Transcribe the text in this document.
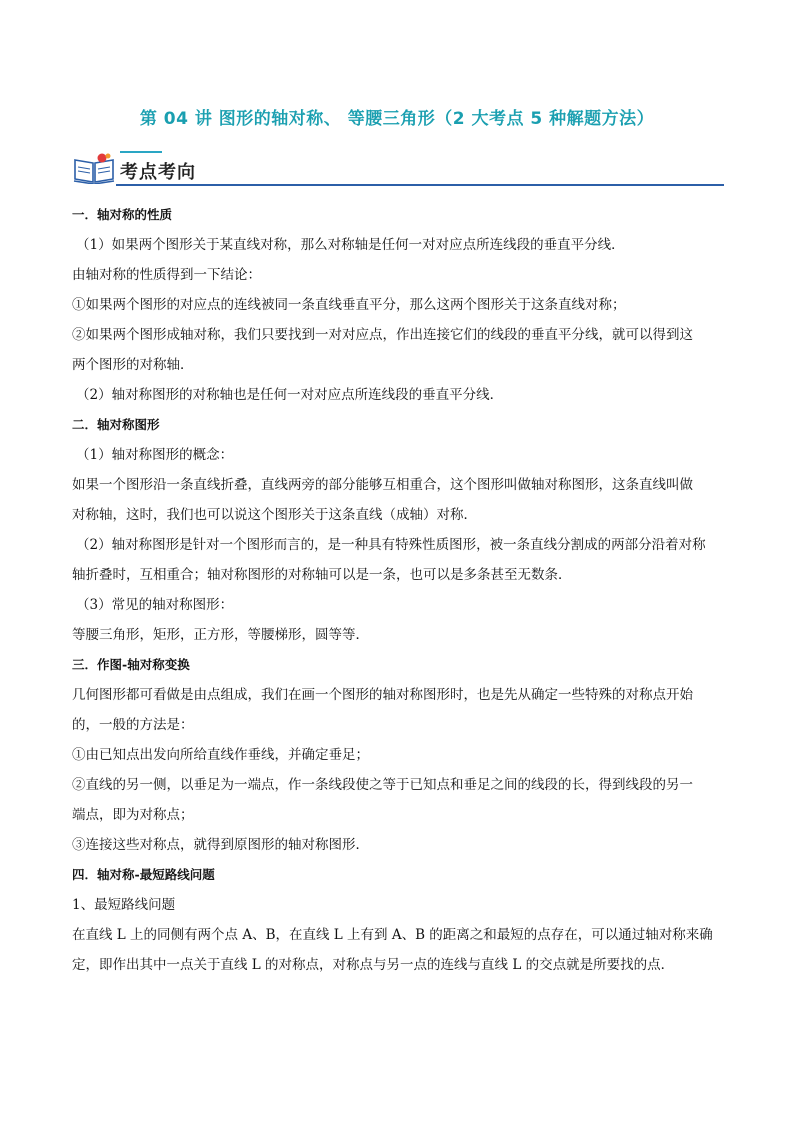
第 04 讲 图形的轴对称、 等腰三角形（2 大考点 5 种解题方法）
考点考向

一．轴对称的性质

（1）如果两个图形关于某直线对称，那么对称轴是任何一对对应点所连线段的垂直平分线．

由轴对称的性质得到一下结论：

①如果两个图形的对应点的连线被同一条直线垂直平分，那么这两个图形关于这条直线对称；

②如果两个图形成轴对称，我们只要找到一对对应点，作出连接它们的线段的垂直平分线，就可以得到这

两个图形的对称轴．

（2）轴对称图形的对称轴也是任何一对对应点所连线段的垂直平分线．

二．轴对称图形

（1）轴对称图形的概念：

如果一个图形沿一条直线折叠，直线两旁的部分能够互相重合，这个图形叫做轴对称图形，这条直线叫做

对称轴，这时，我们也可以说这个图形关于这条直线（成轴）对称．

（2）轴对称图形是针对一个图形而言的，是一种具有特殊性质图形，被一条直线分割成的两部分沿着对称

轴折叠时，互相重合；轴对称图形的对称轴可以是一条，也可以是多条甚至无数条．

（3）常见的轴对称图形：

等腰三角形，矩形，正方形，等腰梯形，圆等等．

三．作图-轴对称变换

几何图形都可看做是由点组成，我们在画一个图形的轴对称图形时，也是先从确定一些特殊的对称点开始

的，一般的方法是：

①由已知点出发向所给直线作垂线，并确定垂足；

②直线的另一侧，以垂足为一端点，作一条线段使之等于已知点和垂足之间的线段的长，得到线段的另一

端点，即为对称点；

③连接这些对称点，就得到原图形的轴对称图形．

四．轴对称-最短路线问题

1、最短路线问题

在直线 L 上的同侧有两个点 A、B，在直线 L 上有到 A、B 的距离之和最短的点存在，可以通过轴对称来确

定，即作出其中一点关于直线 L 的对称点，对称点与另一点的连线与直线 L 的交点就是所要找的点．
